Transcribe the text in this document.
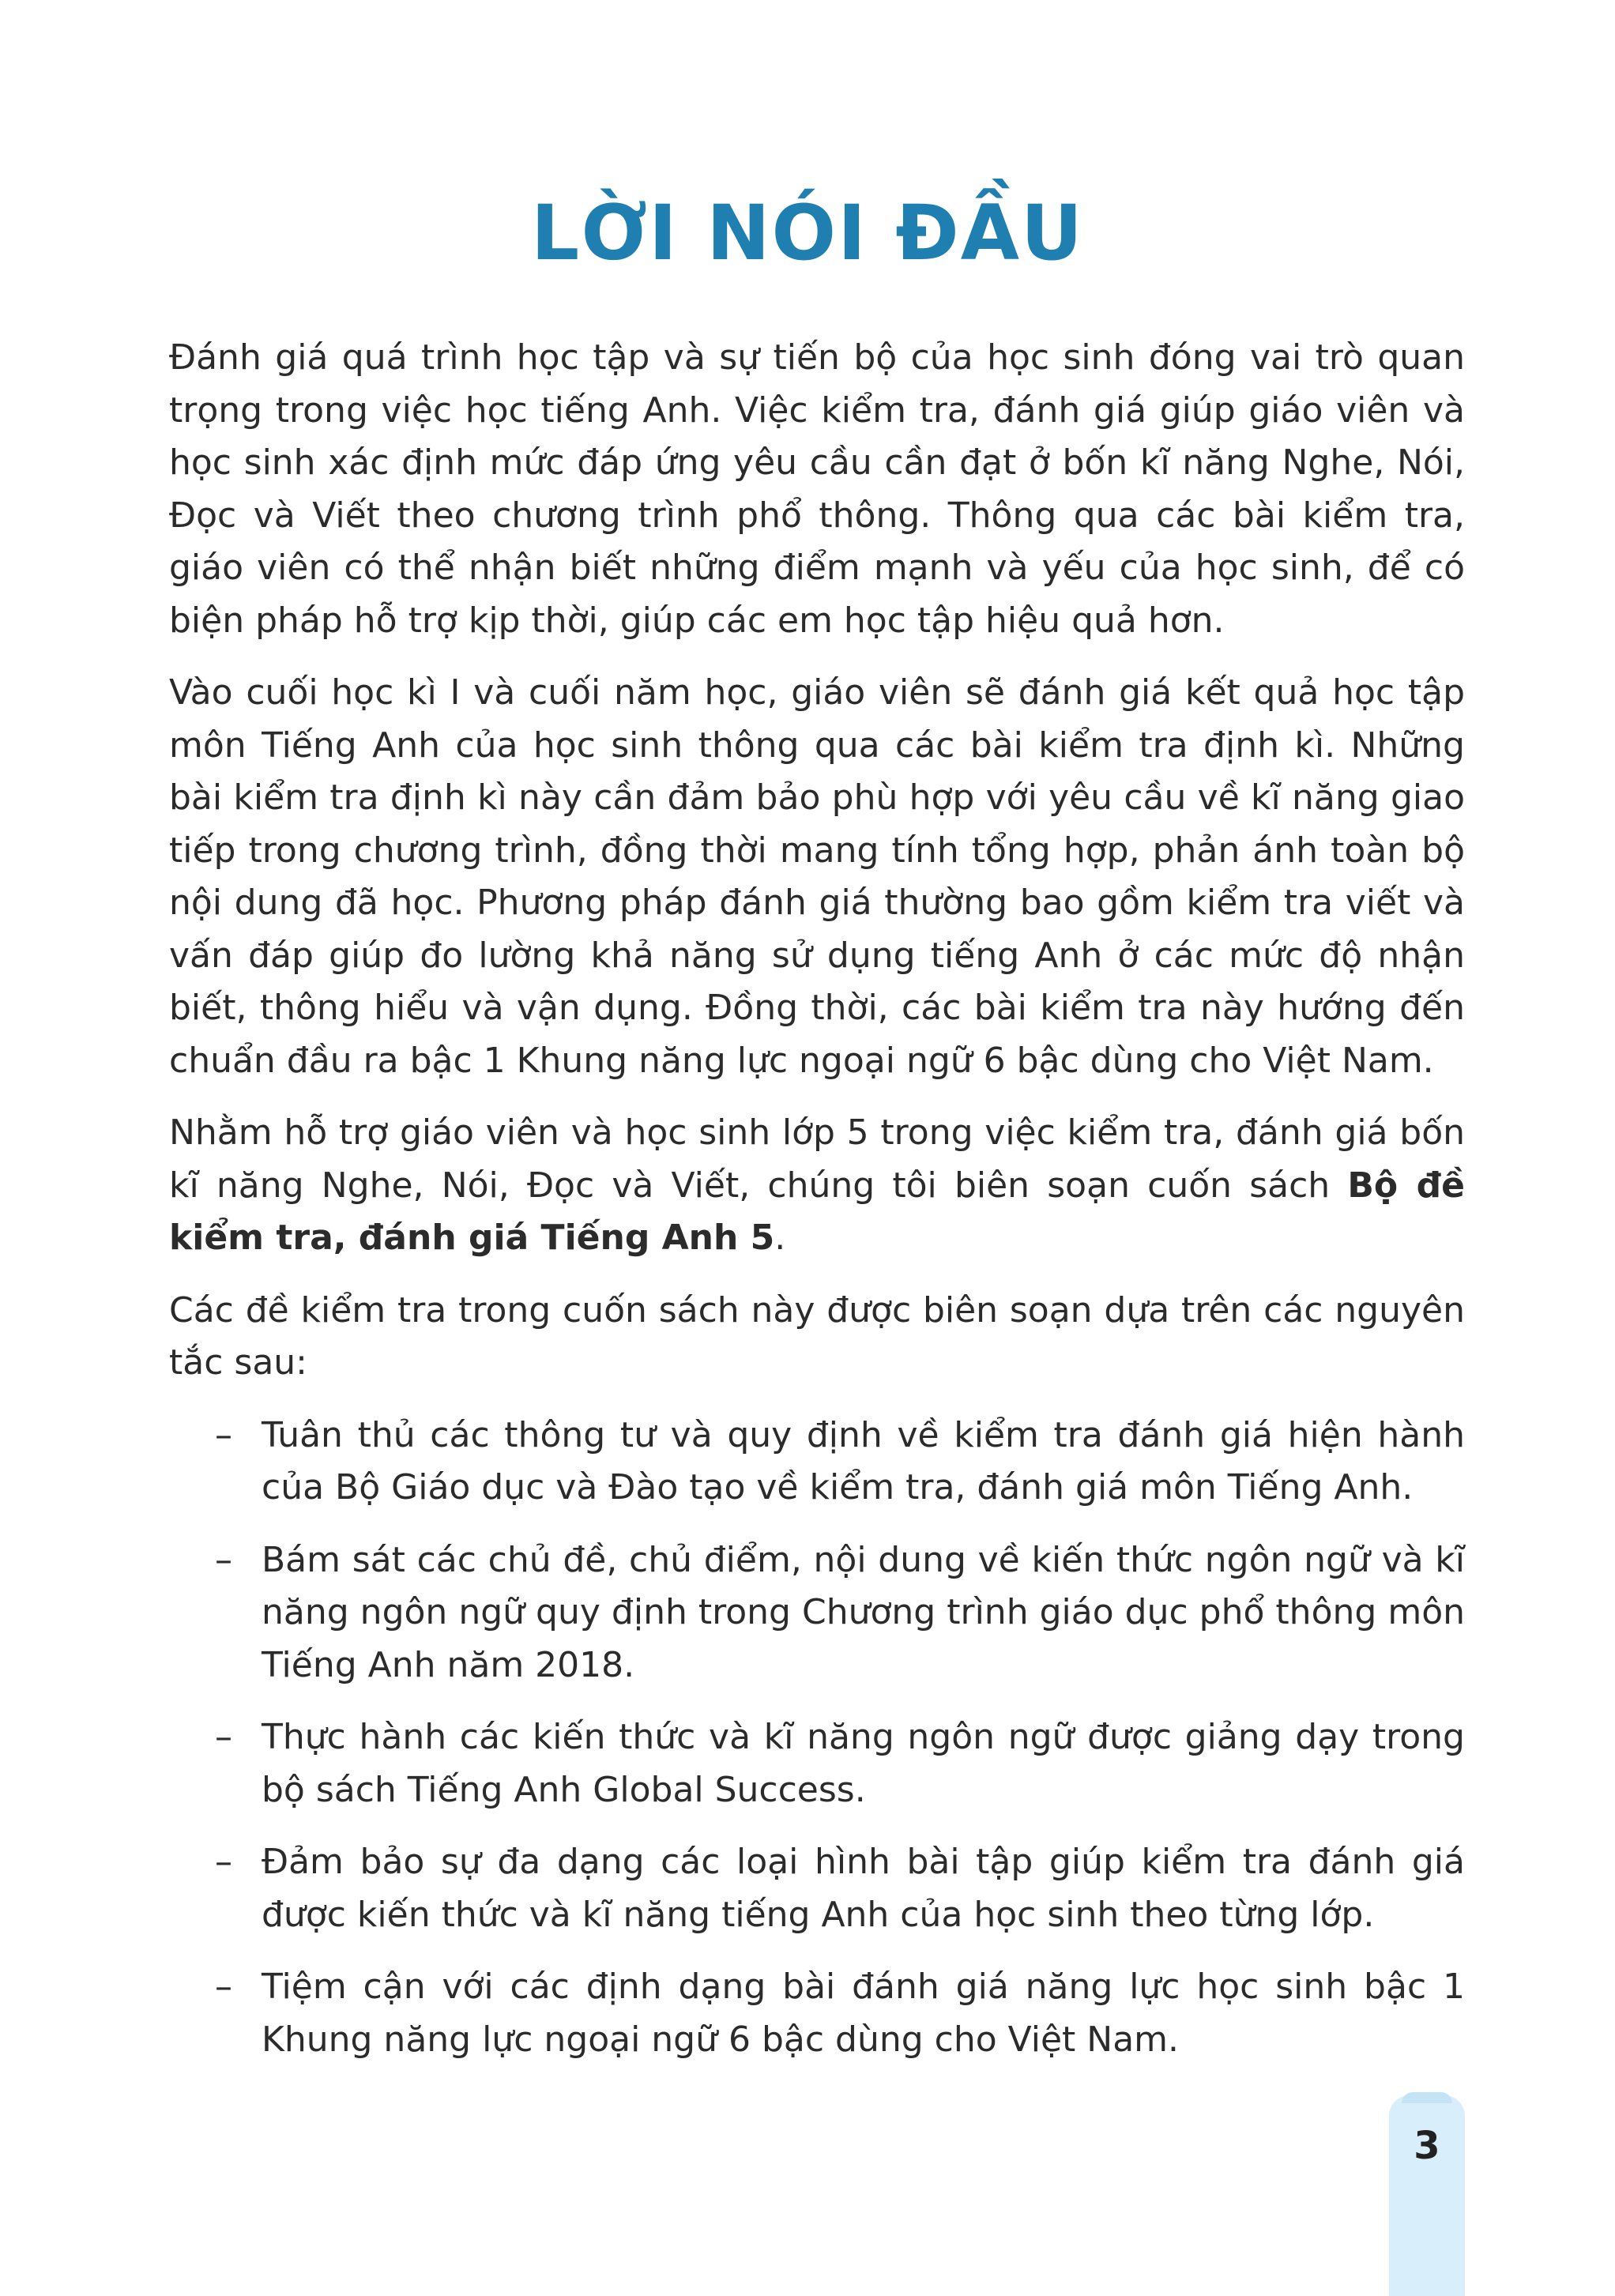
LỜI NÓI ĐẦU

Đánh giá quá trình học tập và sự tiến bộ của học sinh đóng vai trò quan trọng trong việc học tiếng Anh. Việc kiểm tra, đánh giá giúp giáo viên và học sinh xác định mức đáp ứng yêu cầu cần đạt ở bốn kĩ năng Nghe, Nói, Đọc và Viết theo chương trình phổ thông. Thông qua các bài kiểm tra, giáo viên có thể nhận biết những điểm mạnh và yếu của học sinh, để có biện pháp hỗ trợ kịp thời, giúp các em học tập hiệu quả hơn.

Vào cuối học kì I và cuối năm học, giáo viên sẽ đánh giá kết quả học tập môn Tiếng Anh của học sinh thông qua các bài kiểm tra định kì. Những bài kiểm tra định kì này cần đảm bảo phù hợp với yêu cầu về kĩ năng giao tiếp trong chương trình, đồng thời mang tính tổng hợp, phản ánh toàn bộ nội dung đã học. Phương pháp đánh giá thường bao gồm kiểm tra viết và vấn đáp giúp đo lường khả năng sử dụng tiếng Anh ở các mức độ nhận biết, thông hiểu và vận dụng. Đồng thời, các bài kiểm tra này hướng đến chuẩn đầu ra bậc 1 Khung năng lực ngoại ngữ 6 bậc dùng cho Việt Nam.

Nhằm hỗ trợ giáo viên và học sinh lớp 5 trong việc kiểm tra, đánh giá bốn kĩ năng Nghe, Nói, Đọc và Viết, chúng tôi biên soạn cuốn sách Bộ đề kiểm tra, đánh giá Tiếng Anh 5.

Các đề kiểm tra trong cuốn sách này được biên soạn dựa trên các nguyên tắc sau:

– Tuân thủ các thông tư và quy định về kiểm tra đánh giá hiện hành của Bộ Giáo dục và Đào tạo về kiểm tra, đánh giá môn Tiếng Anh.
– Bám sát các chủ đề, chủ điểm, nội dung về kiến thức ngôn ngữ và kĩ năng ngôn ngữ quy định trong Chương trình giáo dục phổ thông môn Tiếng Anh năm 2018.
– Thực hành các kiến thức và kĩ năng ngôn ngữ được giảng dạy trong bộ sách Tiếng Anh Global Success.
– Đảm bảo sự đa dạng các loại hình bài tập giúp kiểm tra đánh giá được kiến thức và kĩ năng tiếng Anh của học sinh theo từng lớp.
– Tiệm cận với các định dạng bài đánh giá năng lực học sinh bậc 1 Khung năng lực ngoại ngữ 6 bậc dùng cho Việt Nam.
3
